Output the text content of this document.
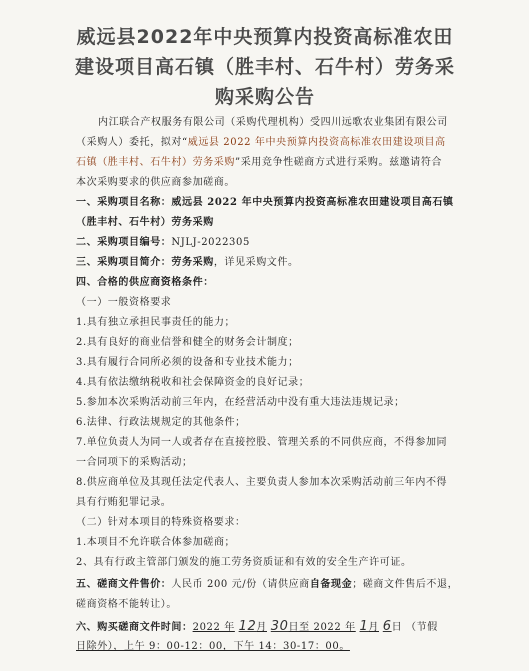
威远县2022年中央预算内投资高标准农田
建设项目高石镇（胜丰村、石牛村）劳务采
购采购公告
内江联合产权服务有限公司（采购代理机构）受四川远歌农业集团有限公司
（采购人）委托，拟对“威远县 2022 年中央预算内投资高标准农田建设项目高
石镇（胜丰村、石牛村）劳务采购”采用竞争性磋商方式进行采购。兹邀请符合
本次采购要求的供应商参加磋商。
一、采购项目名称：威远县 2022 年中央预算内投资高标准农田建设项目高石镇
（胜丰村、石牛村）劳务采购
二、采购项目编号：NJLJ-2022305
三、采购项目简介：劳务采购，详见采购文件。
四、合格的供应商资格条件：
（一）一般资格要求
1.具有独立承担民事责任的能力；
2.具有良好的商业信誉和健全的财务会计制度；
3.具有履行合同所必须的设备和专业技术能力；
4.具有依法缴纳税收和社会保障资金的良好记录；
5.参加本次采购活动前三年内，在经营活动中没有重大违法违规记录；
6.法律、行政法规规定的其他条件；
7.单位负责人为同一人或者存在直接控股、管理关系的不同供应商，不得参加同
一合同项下的采购活动；
8.供应商单位及其现任法定代表人、主要负责人参加本次采购活动前三年内不得
具有行贿犯罪记录。
（二）针对本项目的特殊资格要求：
1.本项目不允许联合体参加磋商；
2、具有行政主管部门颁发的施工劳务资质证和有效的安全生产许可证。
五、磋商文件售价：人民币 200 元/份（请供应商自备现金；磋商文件售后不退，
磋商资格不能转让）。
六、购买磋商文件时间：2022 年 12月 30日至 2022 年 1月 6日 （节假
日除外），上午 9：00-12：00，下午 14：30-17：00。
